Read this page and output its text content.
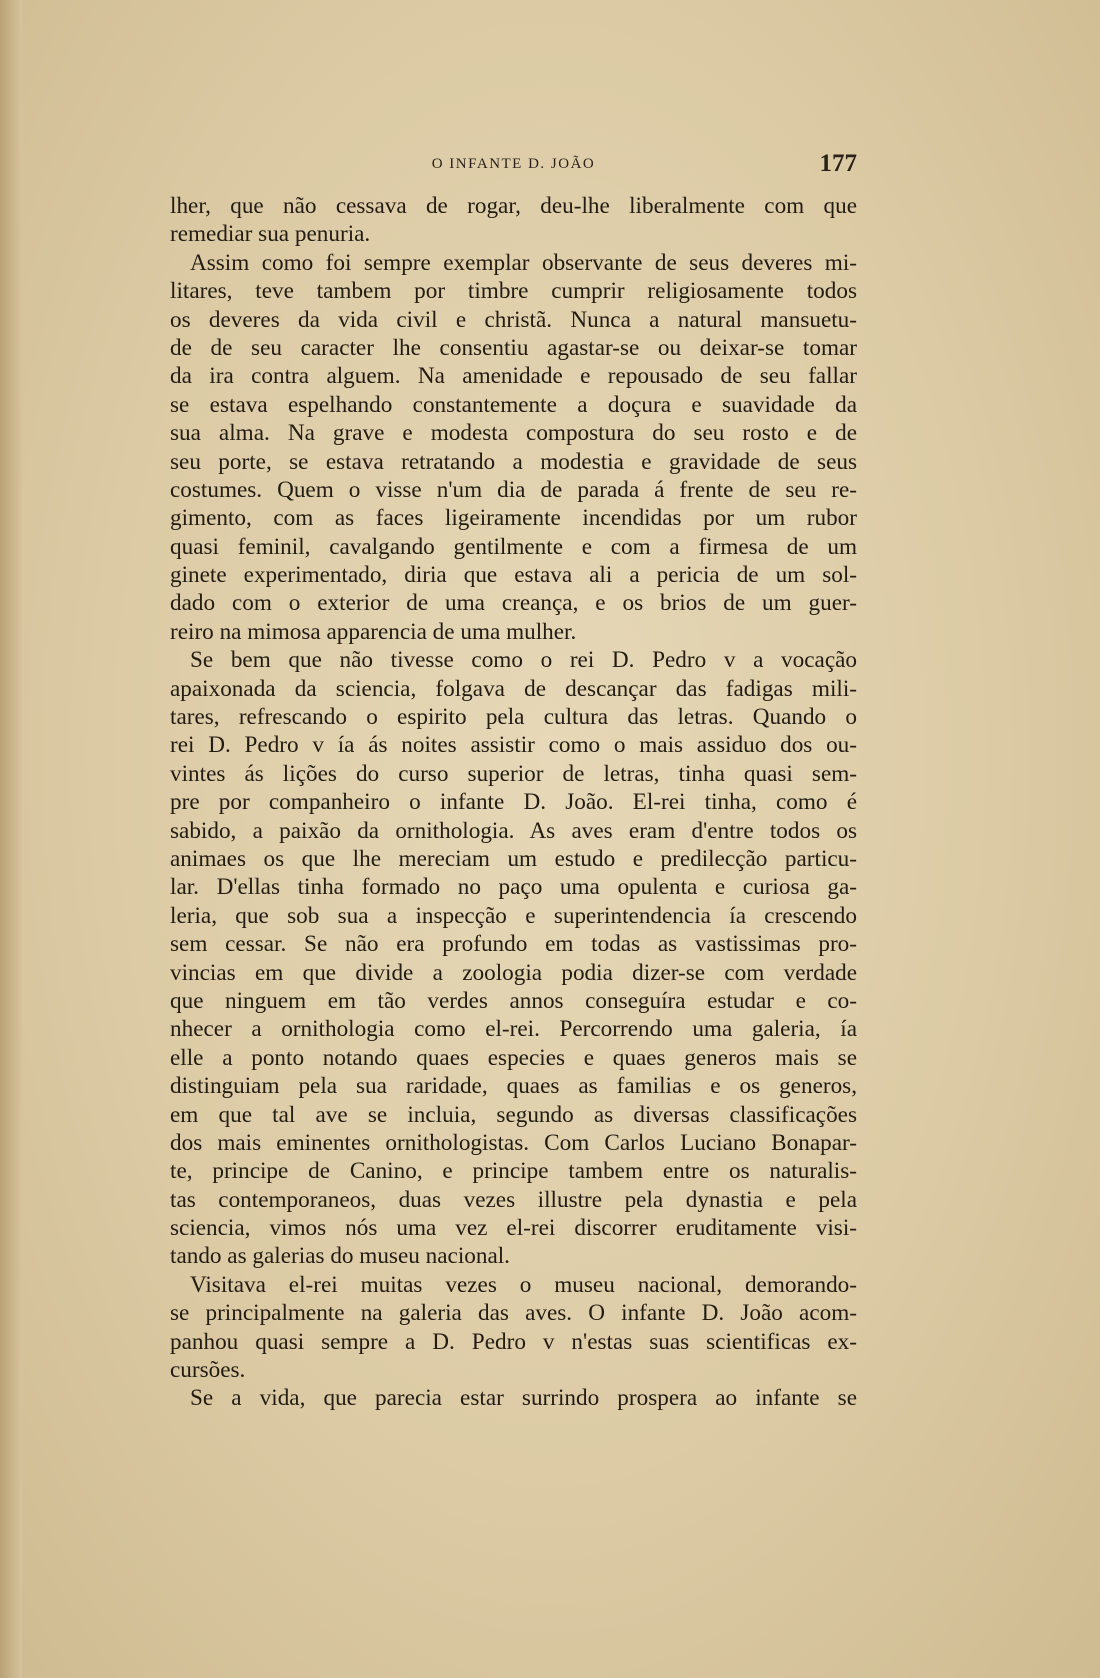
O INFANTE D. JOÃO	177
lher, que não cessava de rogar, deu-lhe liberalmente com que
remediar sua penuria.
Assim como foi sempre exemplar observante de seus deveres mi-
litares, teve tambem por timbre cumprir religiosamente todos
os deveres da vida civil e christã. Nunca a natural mansuetu-
de de seu caracter lhe consentiu agastar-se ou deixar-se tomar
da ira contra alguem. Na amenidade e repousado de seu fallar
se estava espelhando constantemente a doçura e suavidade da
sua alma. Na grave e modesta compostura do seu rosto e de
seu porte, se estava retratando a modestia e gravidade de seus
costumes. Quem o visse n'um dia de parada á frente de seu re-
gimento, com as faces ligeiramente incendidas por um rubor
quasi feminil, cavalgando gentilmente e com a firmesa de um
ginete experimentado, diria que estava ali a pericia de um sol-
dado com o exterior de uma creança, e os brios de um guer-
reiro na mimosa apparencia de uma mulher.
Se bem que não tivesse como o rei D. Pedro v a vocação
apaixonada da sciencia, folgava de descançar das fadigas mili-
tares, refrescando o espirito pela cultura das letras. Quando o
rei D. Pedro v ía ás noites assistir como o mais assiduo dos ou-
vintes ás lições do curso superior de letras, tinha quasi sem-
pre por companheiro o infante D. João. El-rei tinha, como é
sabido, a paixão da ornithologia. As aves eram d'entre todos os
animaes os que lhe mereciam um estudo e predilecção particu-
lar. D'ellas tinha formado no paço uma opulenta e curiosa ga-
leria, que sob sua a inspecção e superintendencia ía crescendo
sem cessar. Se não era profundo em todas as vastissimas pro-
vincias em que divide a zoologia podia dizer-se com verdade
que ninguem em tão verdes annos conseguíra estudar e co-
nhecer a ornithologia como el-rei. Percorrendo uma galeria, ía
elle a ponto notando quaes especies e quaes generos mais se
distinguiam pela sua raridade, quaes as familias e os generos,
em que tal ave se incluia, segundo as diversas classificações
dos mais eminentes ornithologistas. Com Carlos Luciano Bonapar-
te, principe de Canino, e principe tambem entre os naturalis-
tas contemporaneos, duas vezes illustre pela dynastia e pela
sciencia, vimos nós uma vez el-rei discorrer eruditamente visi-
tando as galerias do museu nacional.
Visitava el-rei muitas vezes o museu nacional, demorando-
se principalmente na galeria das aves. O infante D. João acom-
panhou quasi sempre a D. Pedro v n'estas suas scientificas ex-
cursões.
Se a vida, que parecia estar surrindo prospera ao infante se
